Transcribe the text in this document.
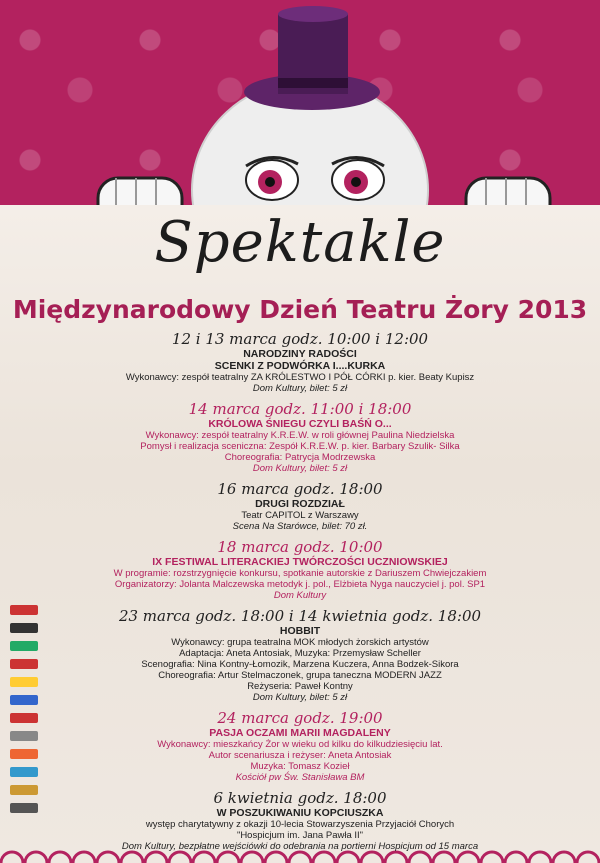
Spektakle
Międzynarodowy Dzień Teatru Żory 2013
12 i 13 marca godz. 10:00 i 12:00
NARODZINY RADOŚCI
SCENKI Z PODWÓRKA I....KURKA
Wykonawcy: zespół teatralny ZA KRÓLESTWO I PÓŁ CÓRKI p. kier. Beaty Kupisz
Dom Kultury, bilet: 5 zł
14 marca godz. 11:00 i 18:00
KRÓLOWA ŚNIEGU CZYLI BAŚŃ O...
Wykonawcy: zespół teatralny K.R.E.W. w roli głównej Paulina Niedzielska
Pomysł i realizacja sceniczna: Zespół K.R.E.W. p. kier. Barbary Szulik- Silka
Choreografia: Patrycja Modrzewska
Dom Kultury, bilet: 5 zł
16 marca godz. 18:00
DRUGI ROZDZIAŁ
Teatr CAPITOL z Warszawy
Scena Na Starówce, bilet: 70 zł.
18 marca godz. 10:00
IX FESTIWAL LITERACKIEJ TWÓRCZOŚCI UCZNIOWSKIEJ
W programie: rozstrzygnięcie konkursu, spotkanie autorskie z Dariuszem Chwiejczakiem
Organizatorzy: Jolanta Malczewska metodyk j. pol., Elżbieta Nyga nauczyciel j. pol. SP1
Dom Kultury
23 marca godz. 18:00 i 14 kwietnia godz. 18:00
HOBBIT
Wykonawcy: grupa teatralna MOK młodych żorskich artystów
Adaptacja: Aneta Antosiak, Muzyka: Przemysław Scheller
Scenografia: Nina Kontny-Łomozik, Marzena Kuczera, Anna Bodzek-Sikora
Choreografia: Artur Stelmaczonek, grupa taneczna MODERN JAZZ
Reżyseria: Paweł Kontny
Dom Kultury, bilet: 5 zł
24 marca godz. 19:00
PASJA OCZAMI MARII MAGDALENY
Wykonawcy: mieszkańcy Żor w wieku od kilku do kilkudziesięciu lat.
Autor scenariusza i reżyser: Aneta Antosiak
Muzyka: Tomasz Kozieł
Kościół pw Św. Stanisława BM
6 kwietnia godz. 18:00
W POSZUKIWANIU KOPCIUSZKA
występ charytatywny z okazji 10-lecia Stowarzyszenia Przyjaciół Chorych
"Hospicjum im. Jana Pawła II"
Dom Kultury, bezpłatne wejściówki do odebrania na portierni Hospicjum od 15 marca
